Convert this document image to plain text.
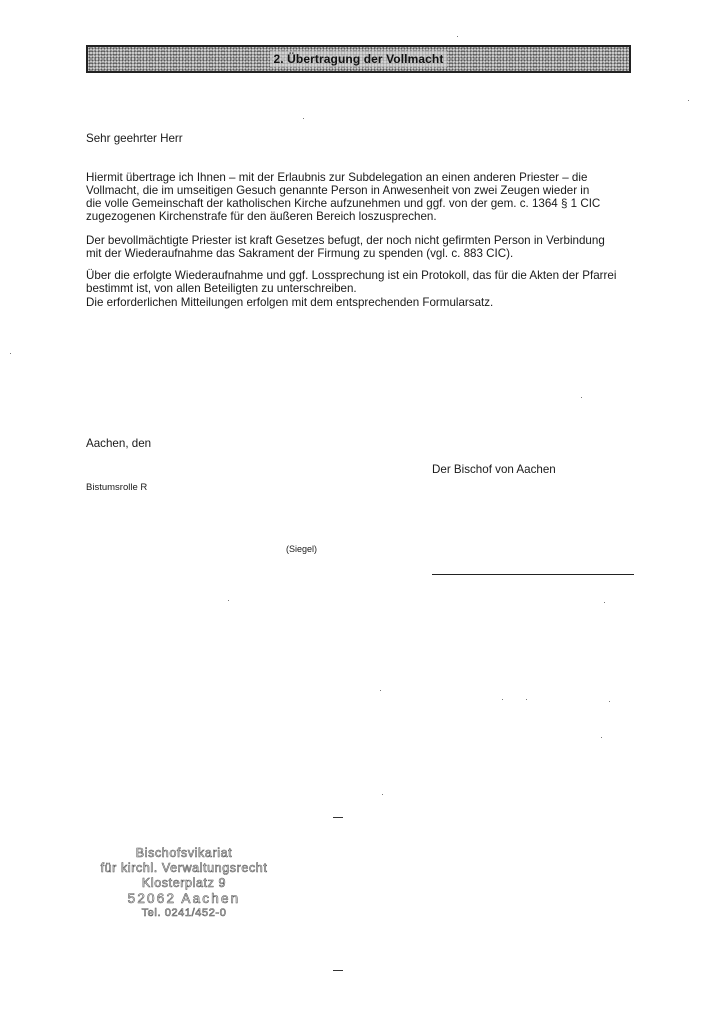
2. Übertragung der Vollmacht
Sehr geehrter Herr
Hiermit übertrage ich Ihnen – mit der Erlaubnis zur Subdelegation an einen anderen Priester – die
Vollmacht, die im umseitigen Gesuch genannte Person in Anwesenheit von zwei Zeugen wieder in
die volle Gemeinschaft der katholischen Kirche aufzunehmen und ggf. von der gem. c. 1364 § 1 CIC
zugezogenen Kirchenstrafe für den äußeren Bereich loszusprechen.
Der bevollmächtigte Priester ist kraft Gesetzes befugt, der noch nicht gefirmten Person in Verbindung
mit der Wiederaufnahme das Sakrament der Firmung zu spenden (vgl. c. 883 CIC).
Über die erfolgte Wiederaufnahme und ggf. Lossprechung ist ein Protokoll, das für die Akten der Pfarrei
bestimmt ist, von allen Beteiligten zu unterschreiben.
Die erforderlichen Mitteilungen erfolgen mit dem entsprechenden Formularsatz.
Aachen, den
Der Bischof von Aachen
Bistumsrolle R
(Siegel)
Bischofsvikariat
für kirchl. Verwaltungsrecht
Klosterplatz 9
52062 Aachen
Tel. 0241/452-0
